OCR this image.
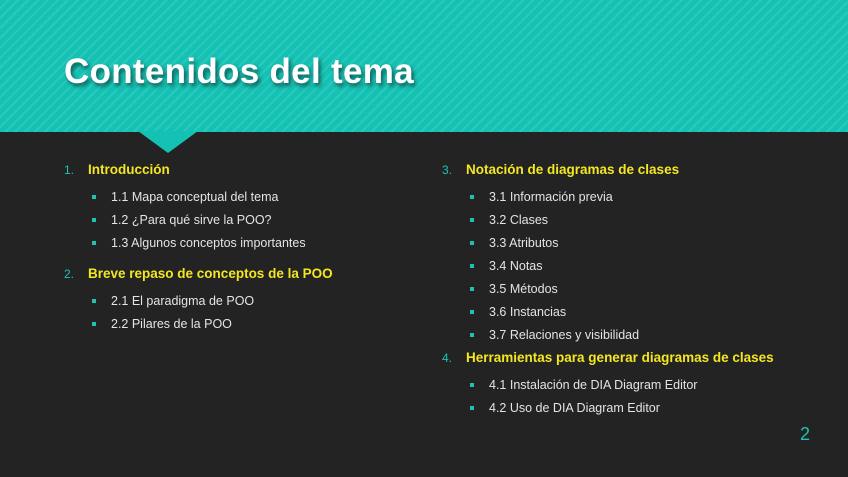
Contenidos del tema
1.	Introducción
1.1 Mapa conceptual del tema
1.2 ¿Para qué sirve la POO?
1.3 Algunos conceptos importantes
2.	Breve repaso de conceptos de la POO
2.1 El paradigma de POO
2.2 Pilares de la POO
3.	Notación de diagramas de clases
3.1 Información previa
3.2 Clases
3.3 Atributos
3.4 Notas
3.5 Métodos
3.6 Instancias
3.7 Relaciones y visibilidad
4.	Herramientas para generar diagramas de clases
4.1 Instalación de DIA Diagram Editor
4.2 Uso de DIA Diagram Editor
2
